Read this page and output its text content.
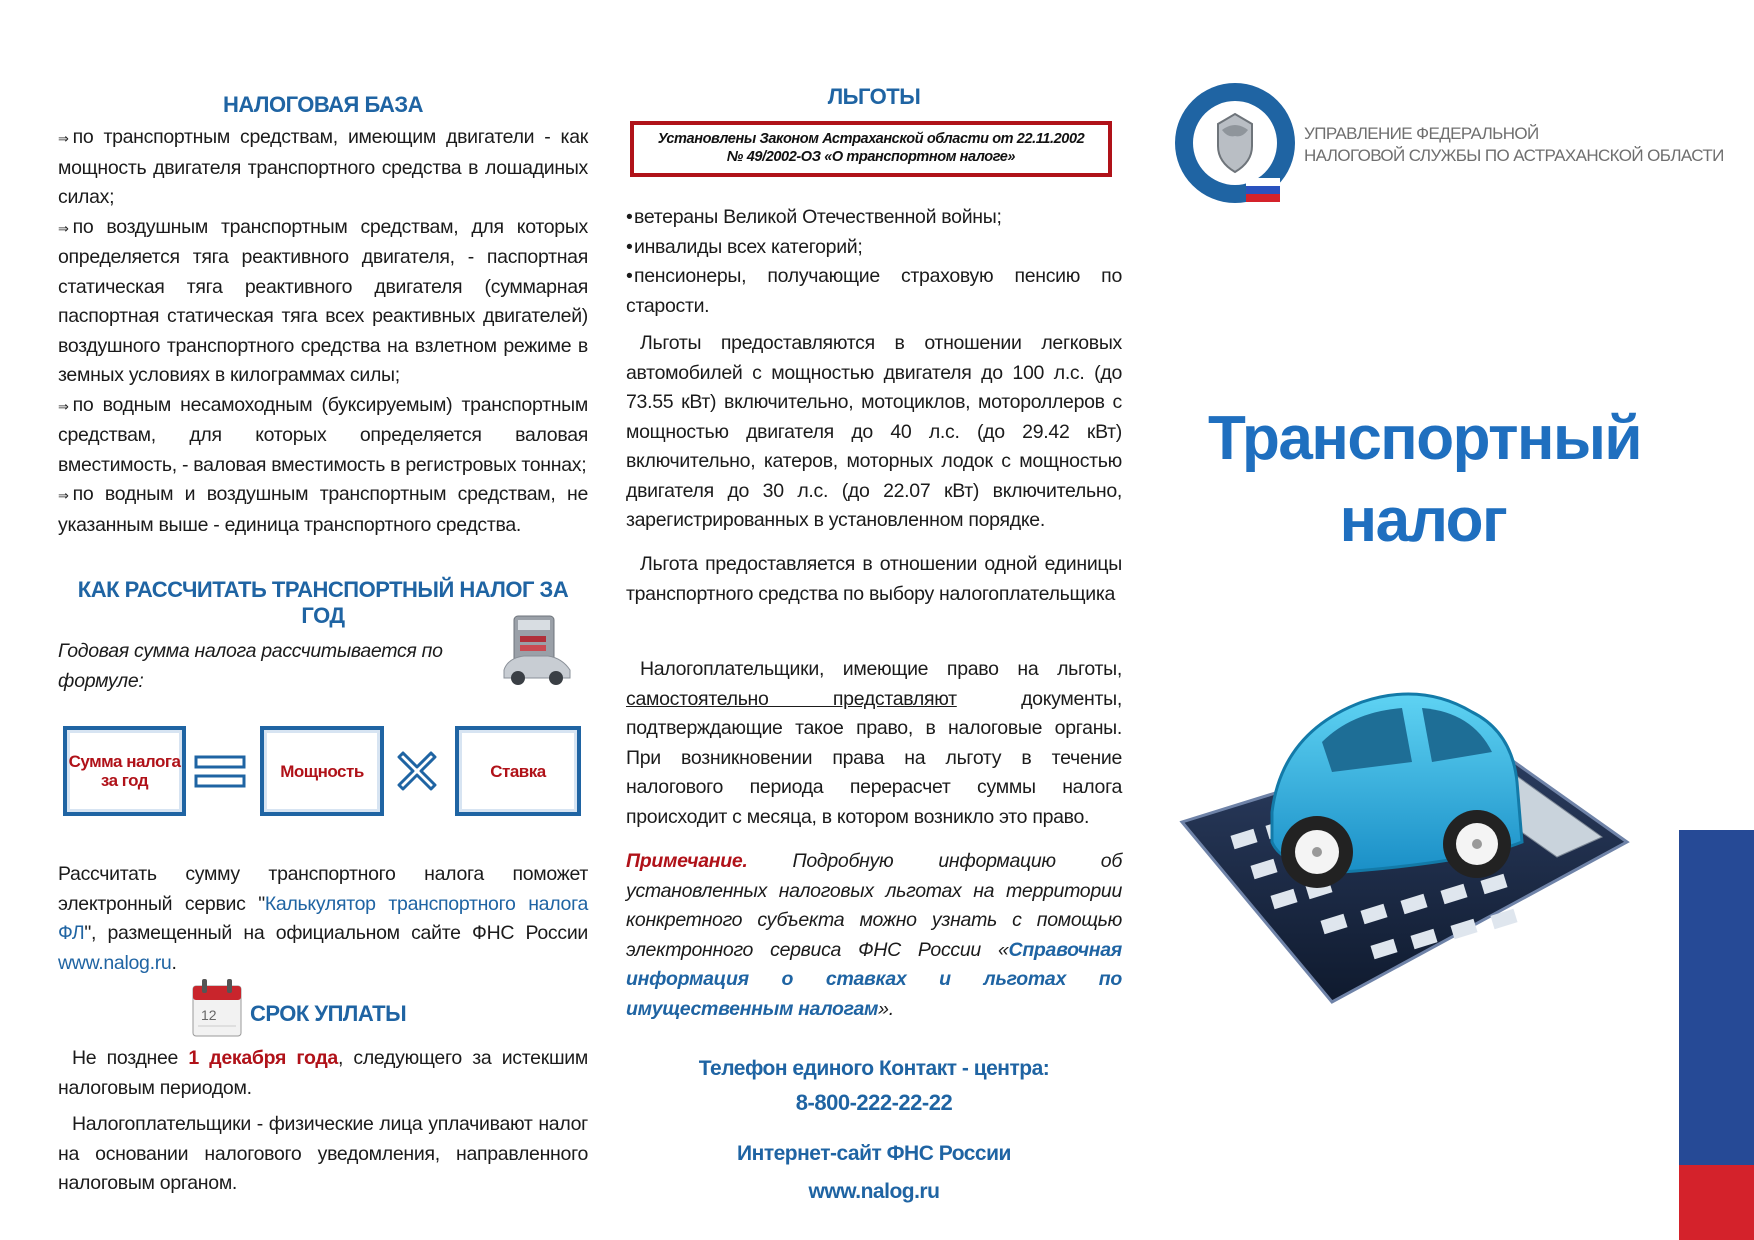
НАЛОГОВАЯ БАЗА

⇒ по транспортным средствам, имеющим двигатели - как мощность двигателя транспортного средства в лошадиных силах;

⇒ по воздушным транспортным средствам, для которых определяется тяга реактивного двигателя, - паспортная статическая тяга реактивного двигателя (суммарная паспортная статическая тяга всех реактивных двигателей) воздушного транспортного средства на взлетном режиме в земных условиях в килограммах силы;

⇒ по водным несамоходным (буксируемым) транспортным средствам, для которых определяется валовая вместимость, - валовая вместимость в регистровых тоннах;

⇒ по водным и воздушным транспортным средствам, не указанным выше - единица транспортного средства.

КАК РАССЧИТАТЬ ТРАНСПОРТНЫЙ НАЛОГ ЗА ГОД

Годовая сумма налога рассчитывается по формуле:

Сумма налога за год	Мощность	Ставка

Рассчитать сумму транспортного налога поможет электронный сервис "Калькулятор транспортного налога ФЛ", размещенный на официальном сайте ФНС России www.nalog.ru.

12 СРОК УПЛАТЫ

Не позднее 1 декабря года, следующего за истекшим налоговым периодом.

Налогоплательщики - физические лица уплачивают налог на основании налогового уведомления, направленного налоговым органом.

ЛЬГОТЫ
Установлены Законом Астраханской области от 22.11.2002
№ 49/2002-ОЗ «О транспортном налоге»

•ветераны Великой Отечественной войны;

•инвалиды всех категорий;

•пенсионеры, получающие страховую пенсию по старости.

Льготы предоставляются в отношении легковых автомобилей с мощностью двигателя до 100 л.с. (до 73.55 кВт) включительно, мотоциклов, мотороллеров с мощностью двигателя до 40 л.с. (до 29.42 кВт) включительно, катеров, моторных лодок с мощностью двигателя до 30 л.с. (до 22.07 кВт) включительно, зарегистрированных в установленном порядке.

Льгота предоставляется в отношении одной единицы транспортного средства по выбору налогоплательщика

Налогоплательщики, имеющие право на льготы, самостоятельно представляют документы, подтверждающие такое право, в налоговые органы. При возникновении права на льготу в течение налогового периода перерасчет суммы налога происходит с месяца, в котором возникло это право.

Примечание. Подробную информацию об установленных налоговых льготах на территории конкретного субъекта можно узнать с помощью электронного сервиса ФНС России «Справочная информация о ставках и льготах по имущественным налогам».

Телефон единого Контакт - центра:
8-800-222-22-22
Интернет-сайт ФНС России
www.nalog.ru
УПРАВЛЕНИЕ ФЕДЕРАЛЬНОЙ
НАЛОГОВОЙ СЛУЖБЫ ПО АСТРАХАНСКОЙ ОБЛАСТИ
Транспортный
налог
